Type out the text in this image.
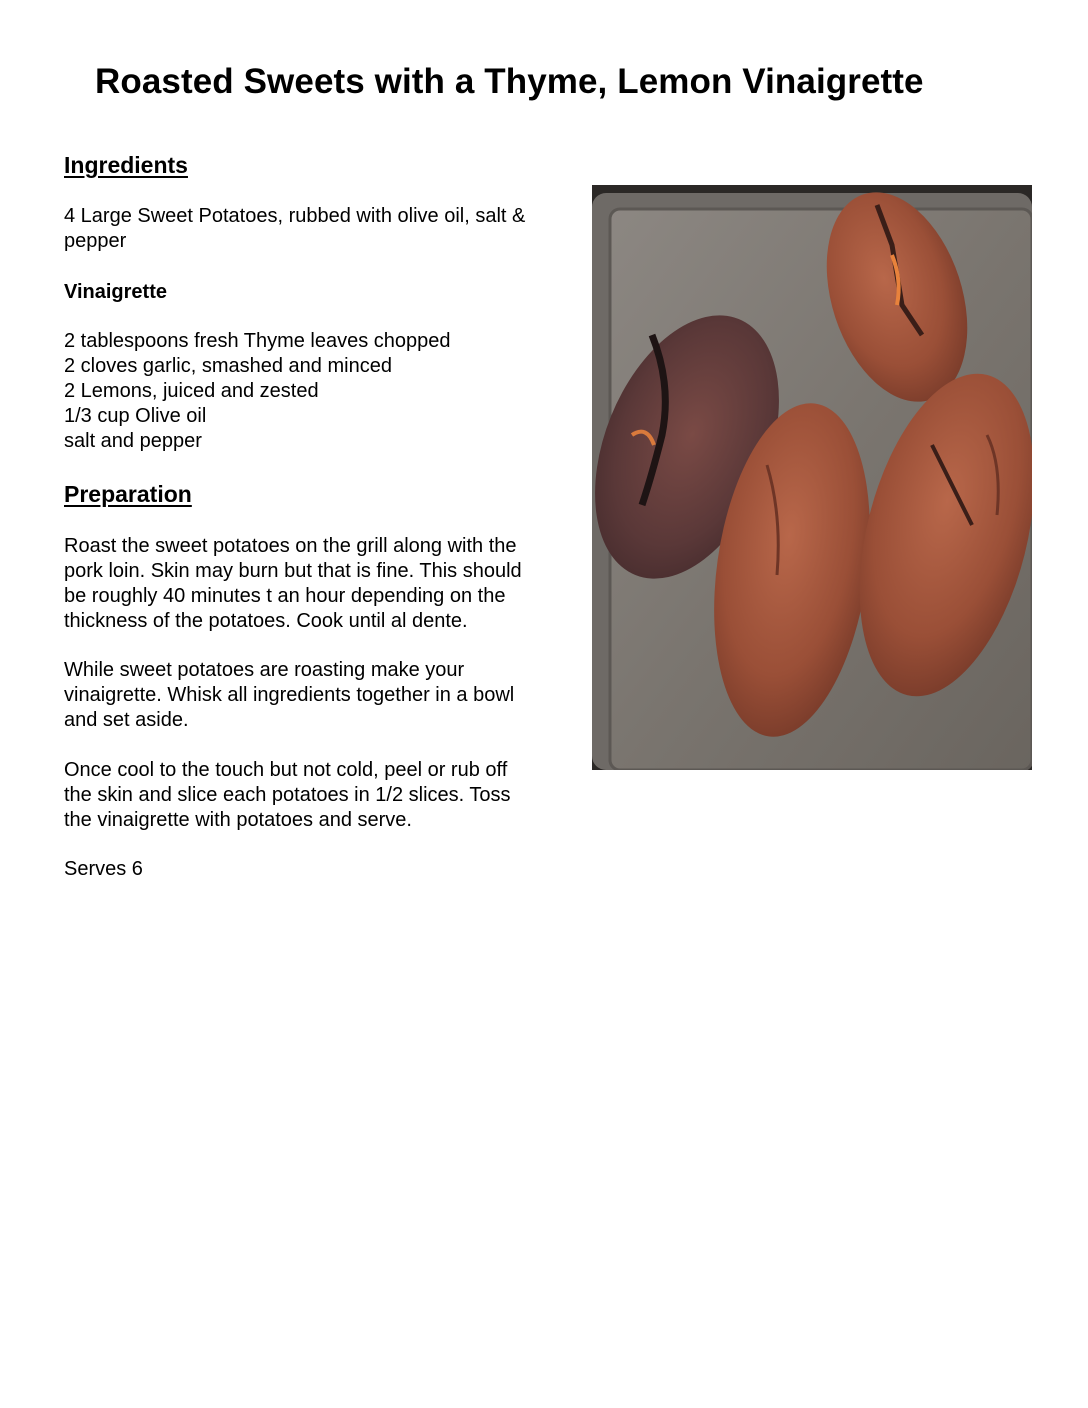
Roasted Sweets with a Thyme, Lemon Vinaigrette
Ingredients
4 Large Sweet Potatoes, rubbed with olive oil, salt &
pepper
Vinaigrette
2 tablespoons fresh Thyme leaves chopped
2 cloves garlic, smashed and minced
2 Lemons, juiced and zested
1/3 cup Olive oil
salt and pepper
Preparation
Roast the sweet potatoes on the grill along with the
pork loin. Skin may burn but that is fine. This should
be roughly 40 minutes t an hour depending on the
thickness of the potatoes. Cook until al dente.
While sweet potatoes are roasting make your
vinaigrette. Whisk all ingredients together in a bowl
and set aside.
Once cool to the touch but not cold, peel or rub off
the skin and slice each potatoes in 1/2 slices. Toss
the vinaigrette with potatoes and serve.
Serves 6
